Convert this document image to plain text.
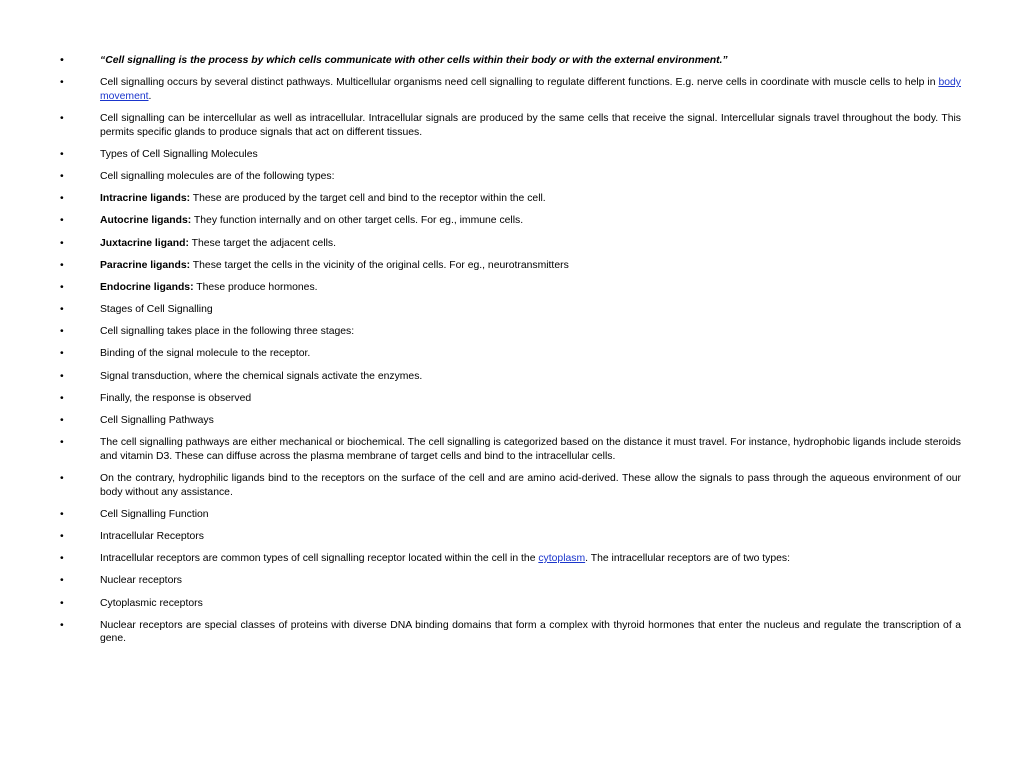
• “Cell signalling is the process by which cells communicate with other cells within their body or with the external environment.”
• Cell signalling occurs by several distinct pathways. Multicellular organisms need cell signalling to regulate different functions. E.g. nerve cells in coordinate with muscle cells to help in body movement.
• Cell signalling can be intercellular as well as intracellular. Intracellular signals are produced by the same cells that receive the signal. Intercellular signals travel throughout the body. This permits specific glands to produce signals that act on different tissues.
• Types of Cell Signalling Molecules
• Cell signalling molecules are of the following types:
• Intracrine ligands: These are produced by the target cell and bind to the receptor within the cell.
• Autocrine ligands: They function internally and on other target cells. For eg., immune cells.
• Juxtacrine ligand: These target the adjacent cells.
• Paracrine ligands: These target the cells in the vicinity of the original cells. For eg., neurotransmitters
• Endocrine ligands: These produce hormones.
• Stages of Cell Signalling
• Cell signalling takes place in the following three stages:
• Binding of the signal molecule to the receptor.
• Signal transduction, where the chemical signals activate the enzymes.
• Finally, the response is observed
• Cell Signalling Pathways
• The cell signalling pathways are either mechanical or biochemical. The cell signalling is categorized based on the distance it must travel. For instance, hydrophobic ligands include steroids and vitamin D3. These can diffuse across the plasma membrane of target cells and bind to the intracellular cells.
• On the contrary, hydrophilic ligands bind to the receptors on the surface of the cell and are amino acid-derived. These allow the signals to pass through the aqueous environment of our body without any assistance.
• Cell Signalling Function
• Intracellular Receptors
• Intracellular receptors are common types of cell signalling receptor located within the cell in the cytoplasm. The intracellular receptors are of two types:
• Nuclear receptors
• Cytoplasmic receptors
• Nuclear receptors are special classes of proteins with diverse DNA binding domains that form a complex with thyroid hormones that enter the nucleus and regulate the transcription of a gene.
